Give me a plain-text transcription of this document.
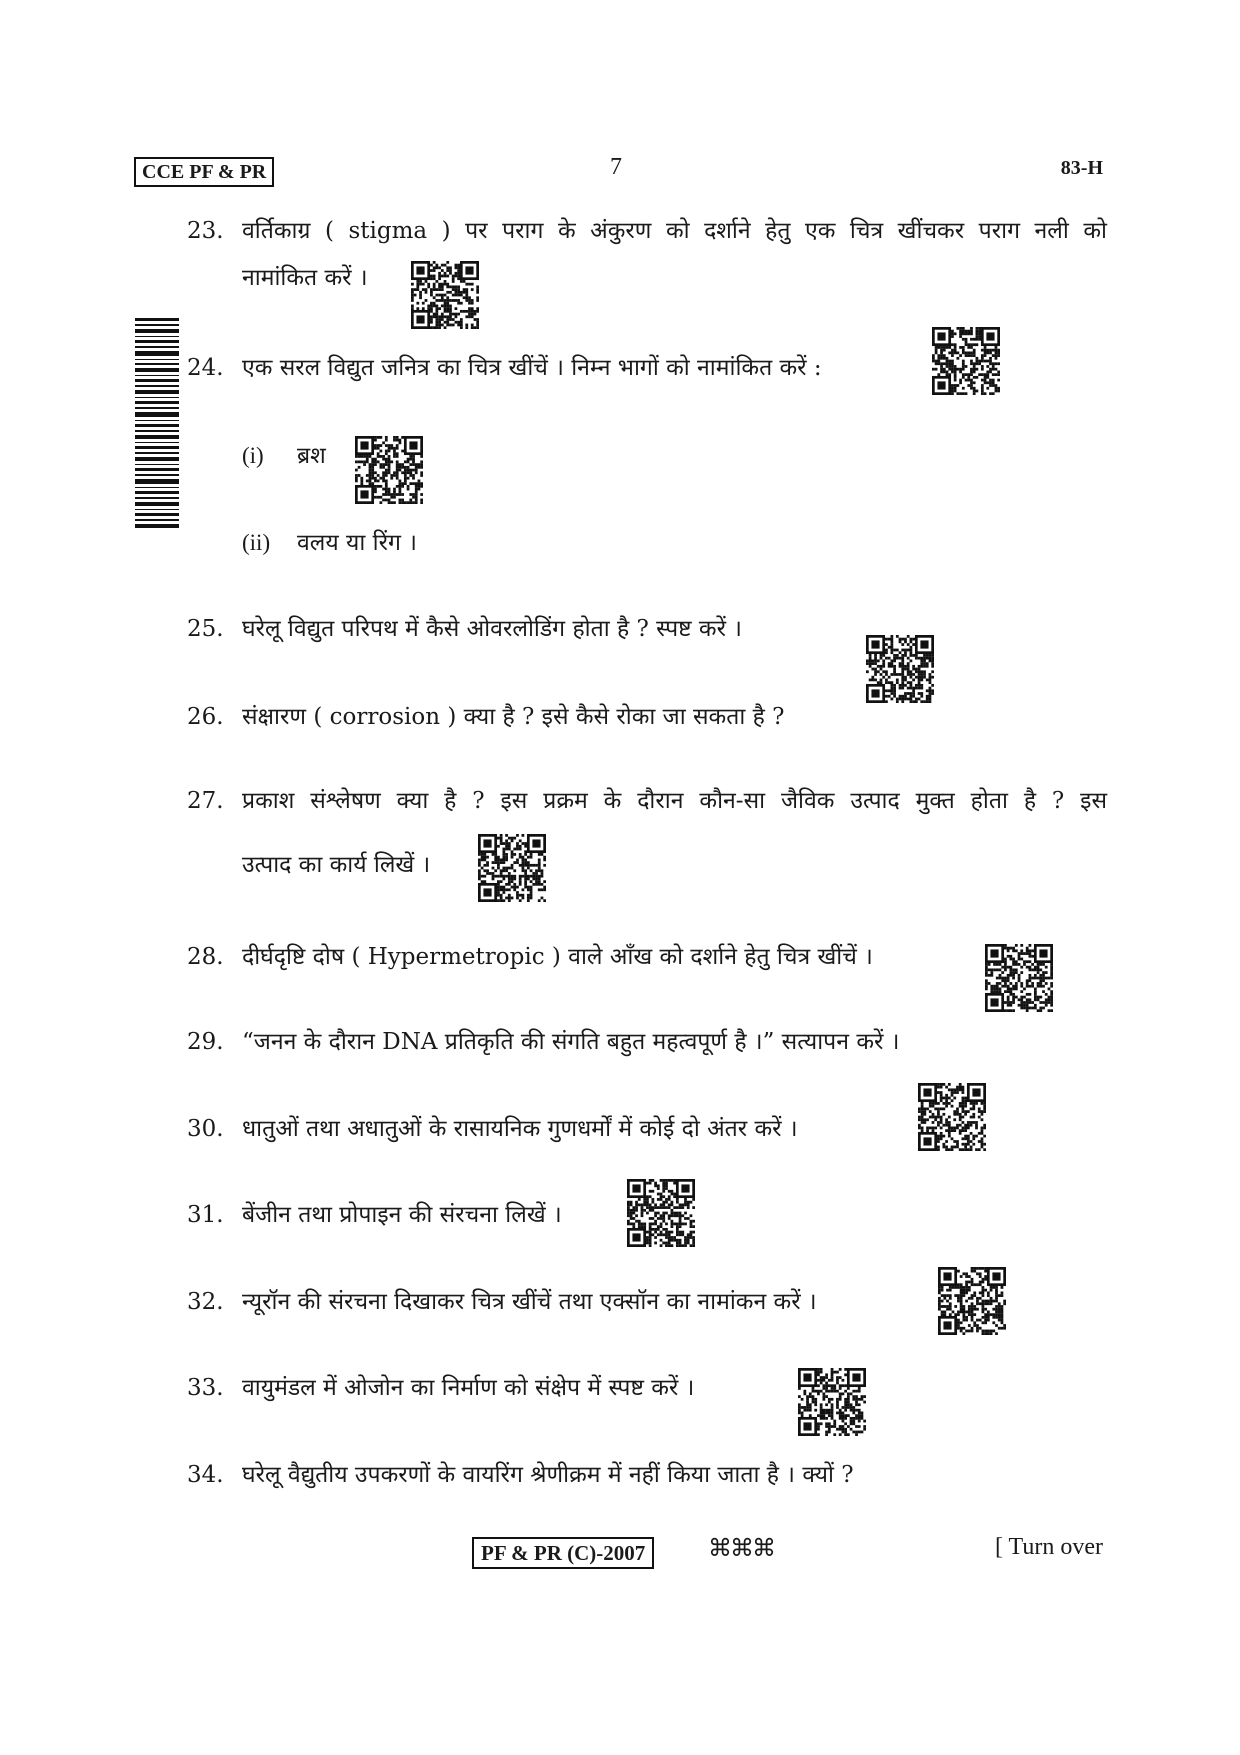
CCE PF & PR	7	83-H
23. वर्तिकाग्र ( stigma ) पर पराग के अंकुरण को दर्शाने हेतु एक चित्र खींचकर पराग नली को
नामांकित करें ।
24. एक सरल विद्युत जनित्र का चित्र खींचें । निम्न भागों को नामांकित करें :
(i) ब्रश
(ii) वलय या रिंग ।
25. घरेलू विद्युत परिपथ में कैसे ओवरलोडिंग होता है ? स्पष्ट करें ।
26. संक्षारण ( corrosion ) क्या है ? इसे कैसे रोका जा सकता है ?
27. प्रकाश संश्लेषण क्या है ? इस प्रक्रम के दौरान कौन-सा जैविक उत्पाद मुक्त होता है ? इस
उत्पाद का कार्य लिखें ।
28. दीर्घदृष्टि दोष ( Hypermetropic ) वाले आँख को दर्शाने हेतु चित्र खींचें ।
29. “जनन के दौरान DNA प्रतिकृति की संगति बहुत महत्वपूर्ण है ।” सत्यापन करें ।
30. धातुओं तथा अधातुओं के रासायनिक गुणधर्मों में कोई दो अंतर करें ।
31. बेंजीन तथा प्रोपाइन की संरचना लिखें ।
32. न्यूरॉन की संरचना दिखाकर चित्र खींचें तथा एक्सॉन का नामांकन करें ।
33. वायुमंडल में ओजोन का निर्माण को संक्षेप में स्पष्ट करें ।
34. घरेलू वैद्युतीय उपकरणों के वायरिंग श्रेणीक्रम में नहीं किया जाता है । क्यों ?
PF & PR (C)-2007	⌘⌘⌘	[ Turn over
